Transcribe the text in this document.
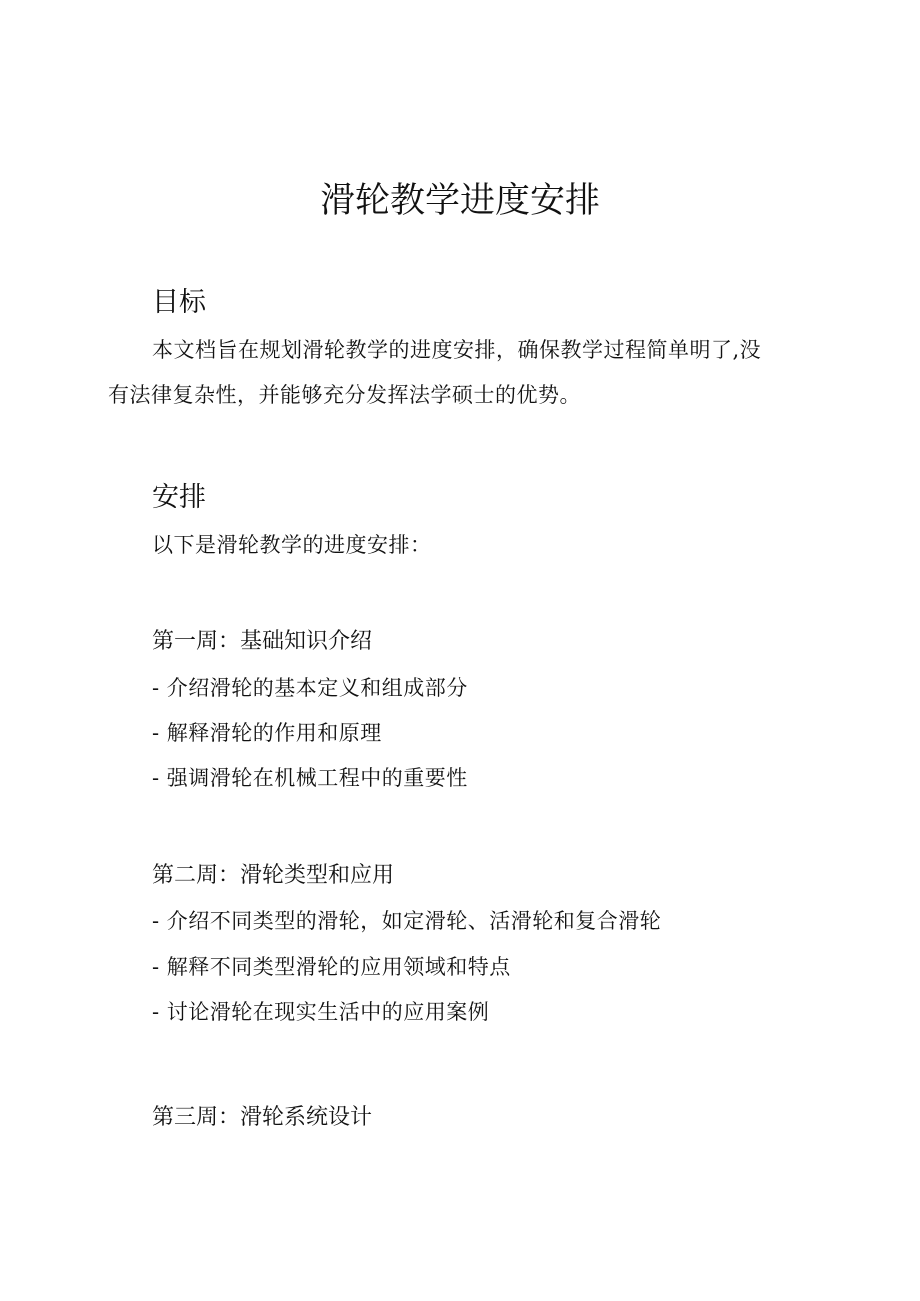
滑轮教学进度安排
目标

本文档旨在规划滑轮教学的进度安排，确保教学过程简单明了,没

有法律复杂性，并能够充分发挥法学硕士的优势。

安排

以下是滑轮教学的进度安排：

第一周：基础知识介绍
- 介绍滑轮的基本定义和组成部分
- 解释滑轮的作用和原理
- 强调滑轮在机械工程中的重要性
第二周：滑轮类型和应用
- 介绍不同类型的滑轮，如定滑轮、活滑轮和复合滑轮
- 解释不同类型滑轮的应用领域和特点
- 讨论滑轮在现实生活中的应用案例
第三周：滑轮系统设计
